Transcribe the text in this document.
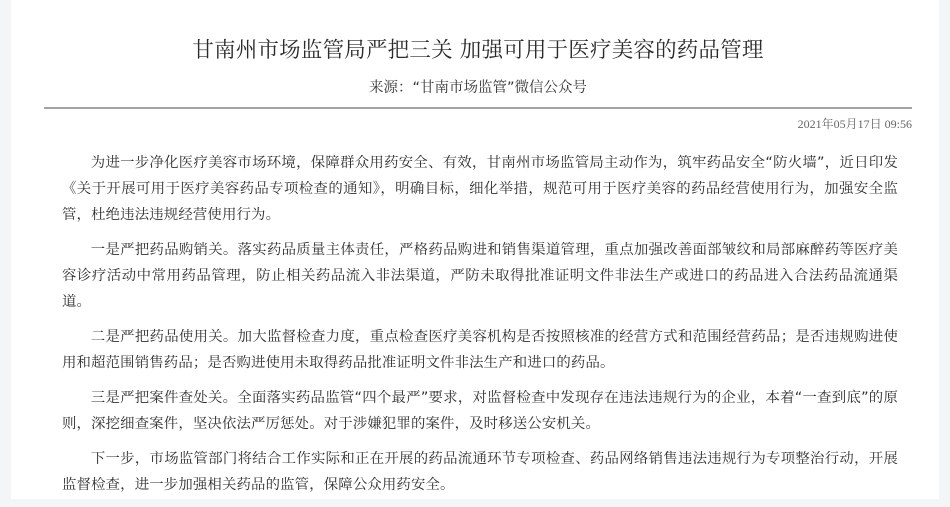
甘南州市场监管局严把三关 加强可用于医疗美容的药品管理
来源：“甘南市场监管”微信公众号
2021年05月17日 09:56

为进一步净化医疗美容市场环境，保障群众用药安全、有效，甘南州市场监管局主动作为，筑牢药品安全“防火墙”，近日印发《关于开展可用于医疗美容药品专项检查的通知》，明确目标，细化举措，规范可用于医疗美容的药品经营使用行为，加强安全监管，杜绝违法违规经营使用行为。

一是严把药品购销关。落实药品质量主体责任，严格药品购进和销售渠道管理，重点加强改善面部皱纹和局部麻醉药等医疗美容诊疗活动中常用药品管理，防止相关药品流入非法渠道，严防未取得批准证明文件非法生产或进口的药品进入合法药品流通渠道。

二是严把药品使用关。加大监督检查力度，重点检查医疗美容机构是否按照核准的经营方式和范围经营药品；是否违规购进使用和超范围销售药品；是否购进使用未取得药品批准证明文件非法生产和进口的药品。

三是严把案件查处关。全面落实药品监管“四个最严”要求，对监督检查中发现存在违法违规行为的企业，本着“一查到底”的原则，深挖细查案件，坚决依法严厉惩处。对于涉嫌犯罪的案件，及时移送公安机关。

下一步，市场监管部门将结合工作实际和正在开展的药品流通环节专项检查、药品网络销售违法违规行为专项整治行动，开展监督检查，进一步加强相关药品的监管，保障公众用药安全。
